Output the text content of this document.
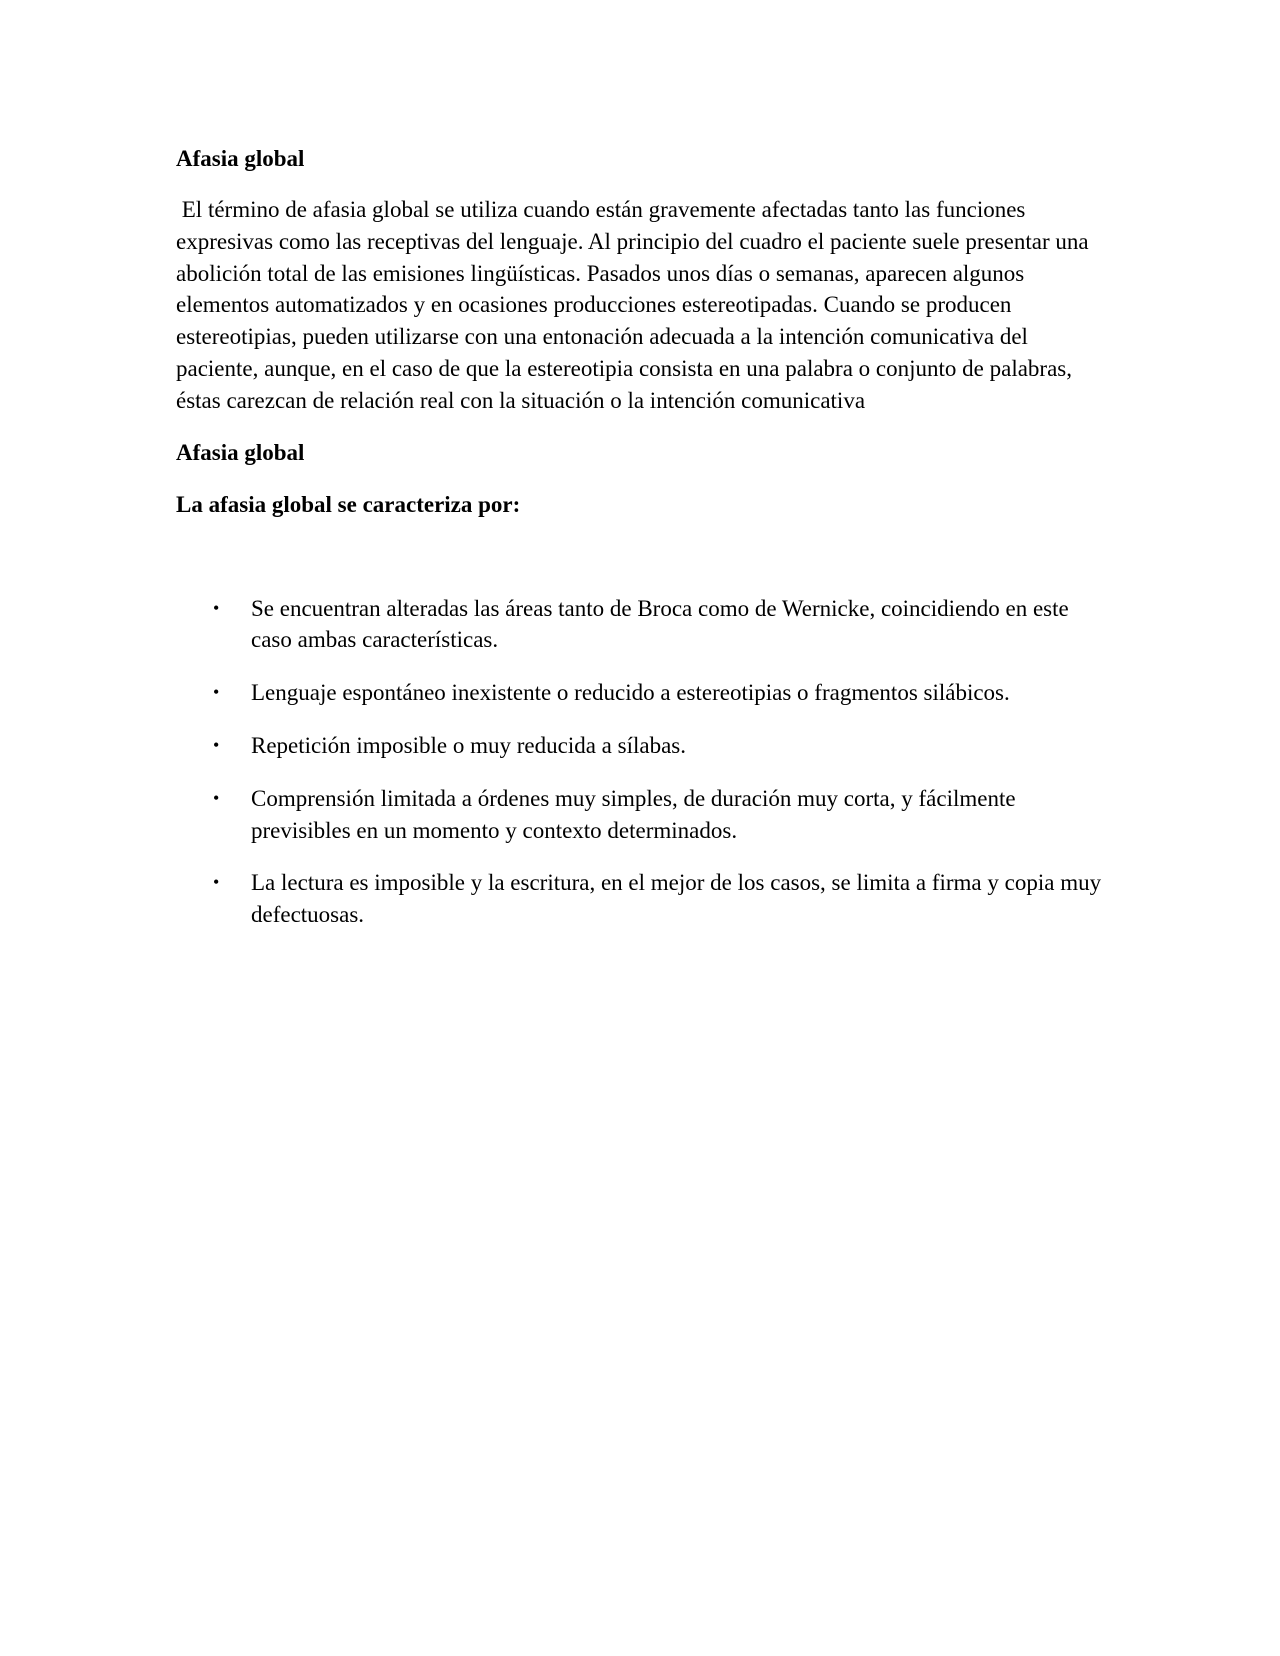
Afasia global

El término de afasia global se utiliza cuando están gravemente afectadas tanto las funciones expresivas como las receptivas del lenguaje. Al principio del cuadro el paciente suele presentar una abolición total de las emisiones lingüísticas. Pasados unos días o semanas, aparecen algunos elementos automatizados y en ocasiones producciones estereotipadas. Cuando se producen estereotipias, pueden utilizarse con una entonación adecuada a la intención comunicativa del paciente, aunque, en el caso de que la estereotipia consista en una palabra o conjunto de palabras, éstas carezcan de relación real con la situación o la intención comunicativa

Afasia global

La afasia global se caracteriza por:

• Se encuentran alteradas las áreas tanto de Broca como de Wernicke, coincidiendo en este caso ambas características.
• Lenguaje espontáneo inexistente o reducido a estereotipias o fragmentos silábicos.
• Repetición imposible o muy reducida a sílabas.
• Comprensión limitada a órdenes muy simples, de duración muy corta, y fácilmente previsibles en un momento y contexto determinados.
• La lectura es imposible y la escritura, en el mejor de los casos, se limita a firma y copia muy defectuosas.
